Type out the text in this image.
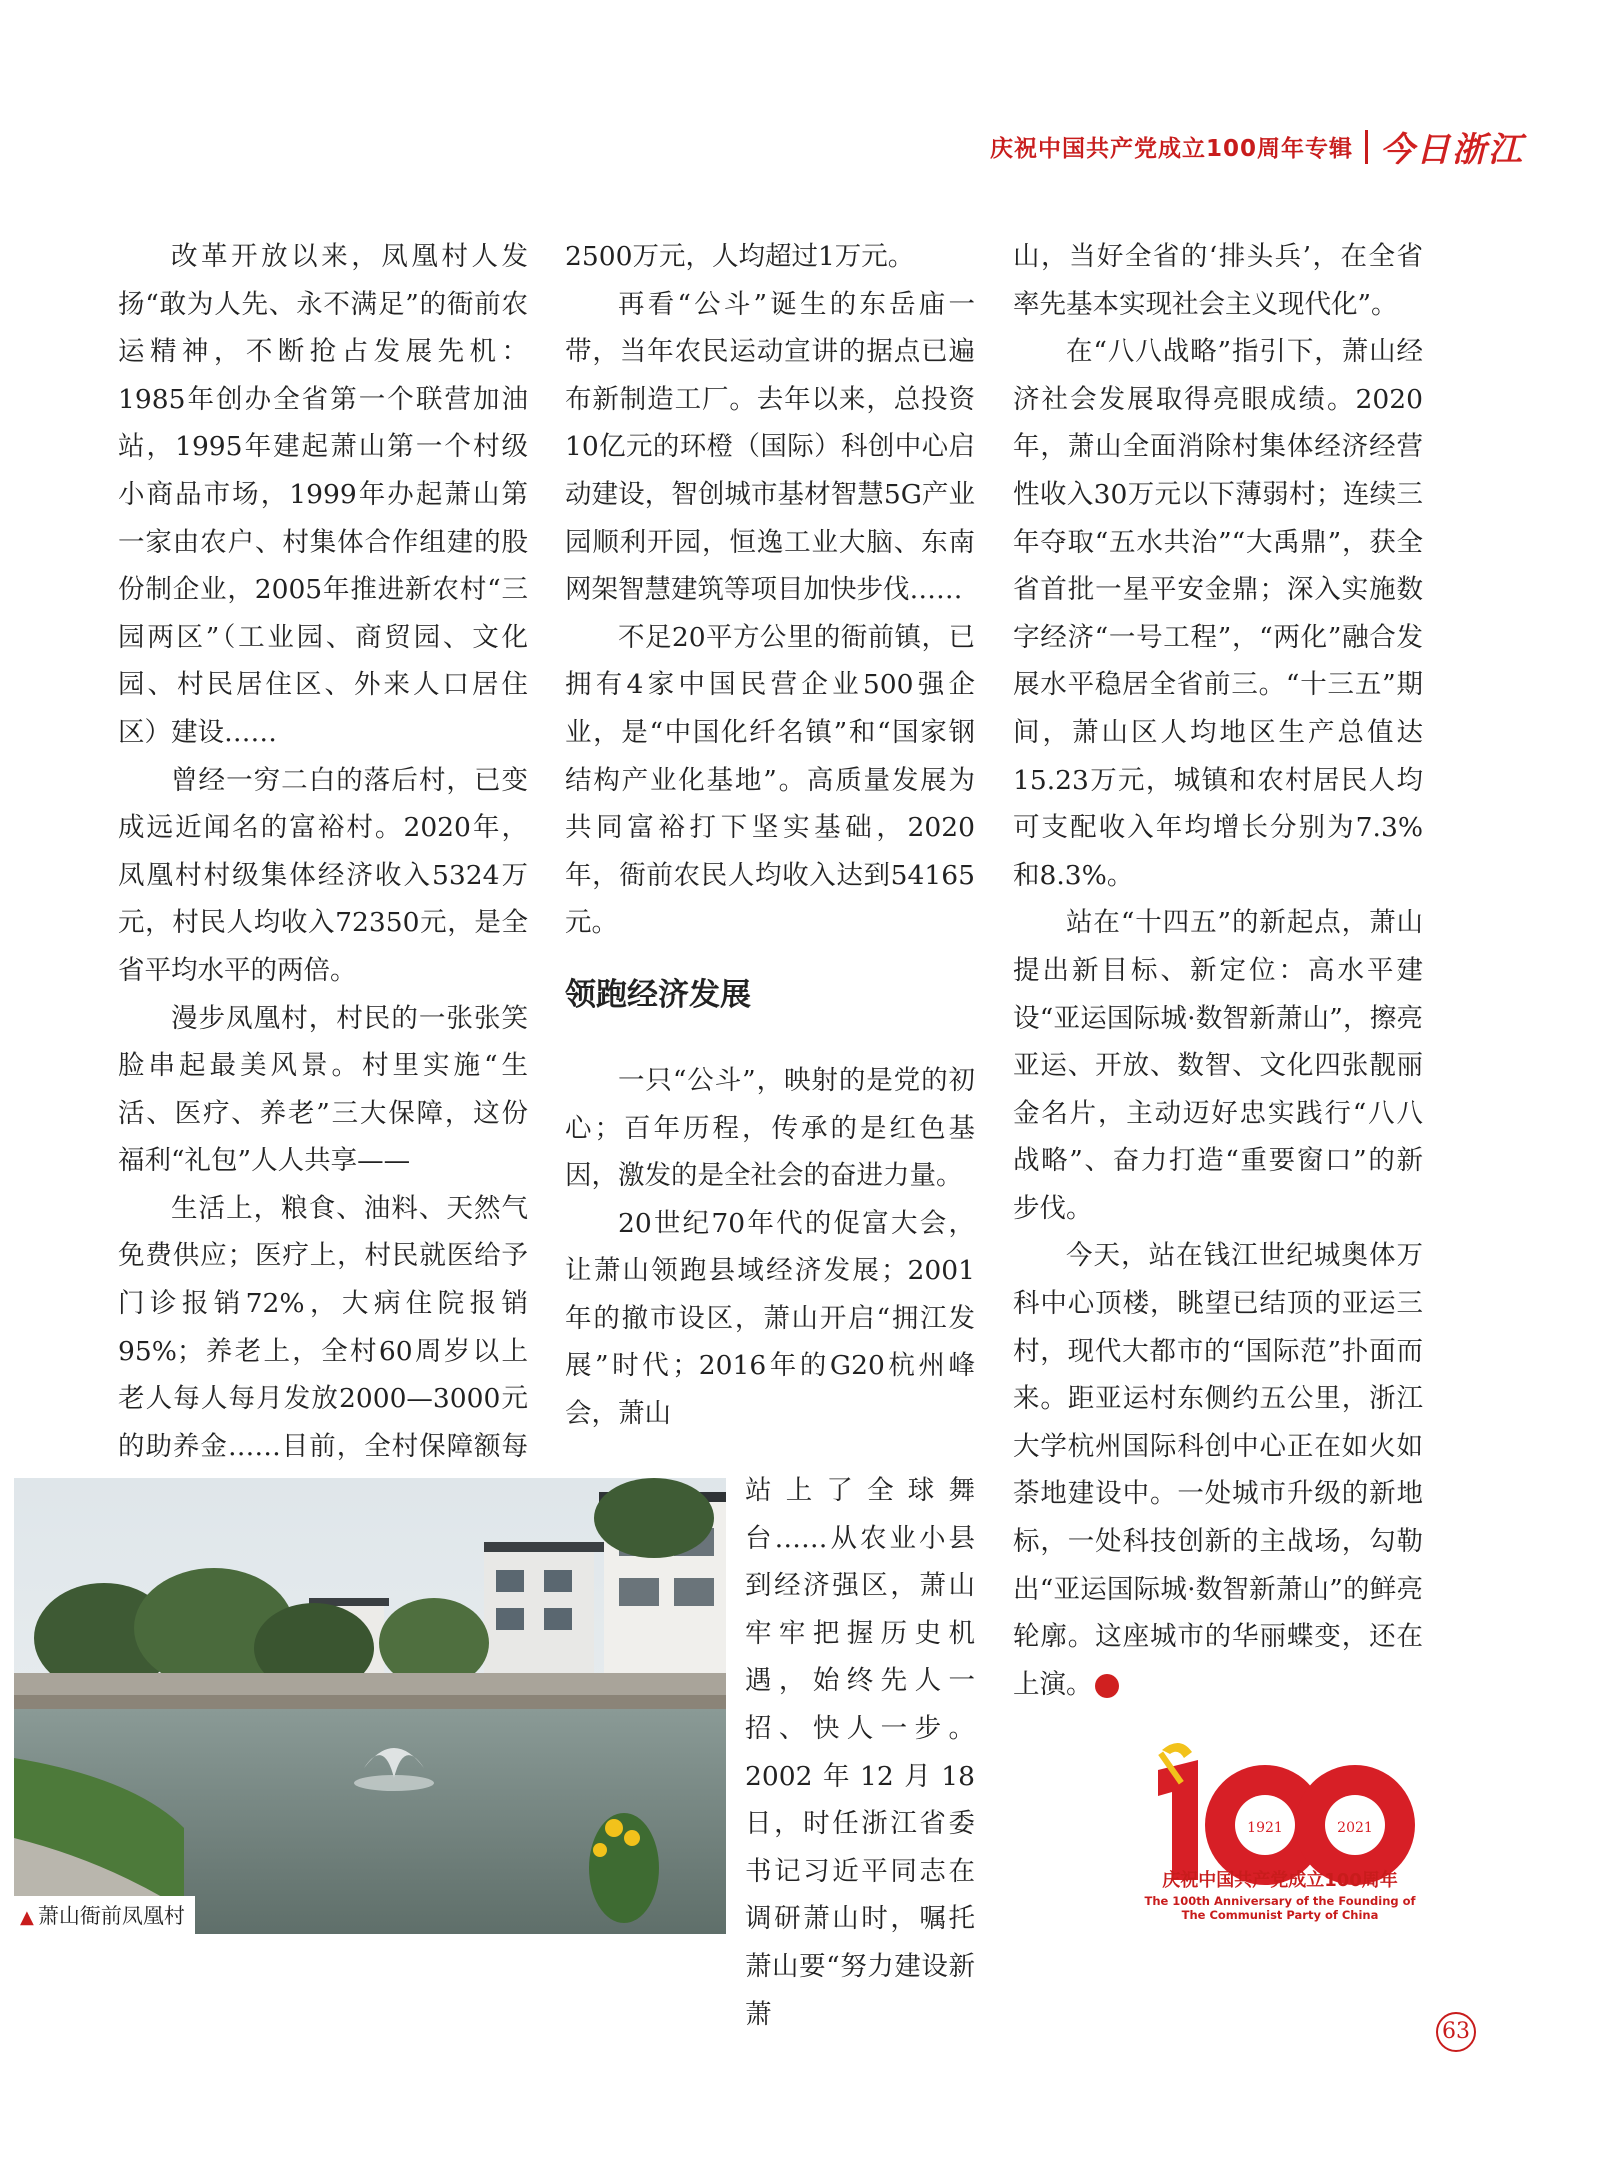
庆祝中国共产党成立100周年专辑 今日浙江

改革开放以来，凤凰村人发扬“敢为人先、永不满足”的衙前农运精神，不断抢占发展先机：1985年创办全省第一个联营加油站，1995年建起萧山第一个村级小商品市场，1999年办起萧山第一家由农户、村集体合作组建的股份制企业，2005年推进新农村“三园两区”（工业园、商贸园、文化园、村民居住区、外来人口居住区）建设……

曾经一穷二白的落后村，已变成远近闻名的富裕村。2020年，凤凰村村级集体经济收入5324万元，村民人均收入72350元，是全省平均水平的两倍。

漫步凤凰村，村民的一张张笑脸串起最美风景。村里实施“生活、医疗、养老”三大保障，这份福利“礼包”人人共享——

生活上，粮食、油料、天然气免费供应；医疗上，村民就医给予门诊报销72%，大病住院报销95%；养老上，全村60周岁以上老人每人每月发放2000—3000元的助养金……目前，全村保障额每

2500万元，人均超过1万元。

再看“公斗”诞生的东岳庙一带，当年农民运动宣讲的据点已遍布新制造工厂。去年以来，总投资10亿元的环橙（国际）科创中心启动建设，智创城市基材智慧5G产业园顺利开园，恒逸工业大脑、东南网架智慧建筑等项目加快步伐……

不足20平方公里的衙前镇，已拥有4家中国民营企业500强企业，是“中国化纤名镇”和“国家钢结构产业化基地”。高质量发展为共同富裕打下坚实基础，2020年，衙前农民人均收入达到54165元。

领跑经济发展

一只“公斗”，映射的是党的初心；百年历程，传承的是红色基因，激发的是全社会的奋进力量。

20世纪70年代的促富大会，让萧山领跑县域经济发展；2001年的撤市设区，萧山开启“拥江发展”时代；2016年的G20杭州峰会，萧山

站上了全球舞台……从农业小县到经济强区，萧山牢牢把握历史机遇，始终先人一招、快人一步。2002年12月18日，时任浙江省委书记习近平同志在调研萧山时，嘱托萧山要“努力建设新萧

山，当好全省的‘排头兵’，在全省率先基本实现社会主义现代化”。

在“八八战略”指引下，萧山经济社会发展取得亮眼成绩。2020年，萧山全面消除村集体经济经营性收入30万元以下薄弱村；连续三年夺取“五水共治”“大禹鼎”，获全省首批一星平安金鼎；深入实施数字经济“一号工程”，“两化”融合发展水平稳居全省前三。“十三五”期间，萧山区人均地区生产总值达15.23万元，城镇和农村居民人均可支配收入年均增长分别为7.3%和8.3%。

站在“十四五”的新起点，萧山提出新目标、新定位：高水平建设“亚运国际城·数智新萧山”，擦亮亚运、开放、数智、文化四张靓丽金名片，主动迈好忠实践行“八八战略”、奋力打造“重要窗口”的新步伐。

今天，站在钱江世纪城奥体万科中心顶楼，眺望已结顶的亚运三村，现代大都市的“国际范”扑面而来。距亚运村东侧约五公里，浙江大学杭州国际科创中心正在如火如荼地建设中。一处城市升级的新地标，一处科技创新的主战场，勾勒出“亚运国际城·数智新萧山”的鲜亮轮廓。这座城市的华丽蝶变，还在上演。

▲ 萧山衙前凤凰村
1921	2021
庆祝中国共产党成立100周年
The 100th Anniversary of the Founding of
The Communist Party of China
63
